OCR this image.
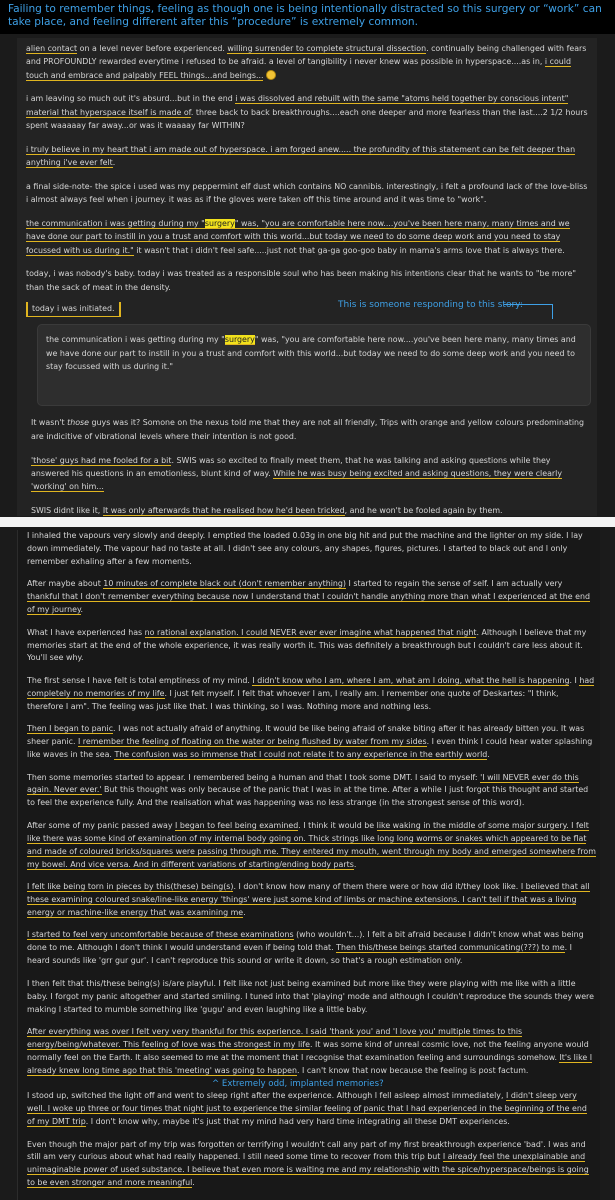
Failing to remember things, feeling as though one is being intentionally distracted so this surgery or “work” can take place, and feeling different after this “procedure” is extremely common.

alien contact on a level never before experienced. willing surrender to complete structural dissection. continually being challenged with fears and PROFOUNDLY rewarded everytime i refused to be afraid. a level of tangibility i never knew was possible in hyperspace....as in, i could touch and embrace and palpably FEEL things...and beings...

i am leaving so much out it's absurd...but in the end i was dissolved and rebuilt with the same "atoms held together by conscious intent" material that hyperspace itself is made of. three back to back breakthroughs....each one deeper and more fearless than the last....2 1/2 hours spent waaaaay far away...or was it waaaay far WITHIN?

i truly believe in my heart that i am made out of hyperspace. i am forged anew..... the profundity of this statement can be felt deeper than anything i've ever felt.

a final side-note- the spice i used was my peppermint elf dust which contains NO cannibis. interestingly, i felt a profound lack of the love-bliss i almost always feel when i journey. it was as if the gloves were taken off this time around and it was time to "work".

the communication i was getting during my "surgery" was, "you are comfortable here now....you've been here many, many times and we have done our part to instill in you a trust and comfort with this world...but today we need to do some deep work and you need to stay focussed with us during it." it wasn't that i didn't feel safe.....just not that ga-ga goo-goo baby in mama's arms love that is always there.

today, i was nobody's baby. today i was treated as a responsible soul who has been making his intentions clear that he wants to "be more" than the sack of meat in the density.

today i was initiated.	This is someone responding to this story:

the communication i was getting during my "surgery" was, "you are comfortable here now....you've been here many, many times and we have done our part to instill in you a trust and comfort with this world...but today we need to do some deep work and you need to stay focussed with us during it."

It wasn't those guys was it? Somone on the nexus told me that they are not all friendly, Trips with orange and yellow colours predominating are indicitive of vibrational levels where their intention is not good.

'those' guys had me fooled for a bit. SWIS was so excited to finally meet them, that he was talking and asking questions while they answered his questions in an emotionless, blunt kind of way. While he was busy being excited and asking questions, they were clearly 'working' on him...

SWIS didnt like it, It was only afterwards that he realised how he'd been tricked, and he won't be fooled again by them.

I inhaled the vapours very slowly and deeply. I emptied the loaded 0.03g in one big hit and put the machine and the lighter on my side. I lay down immediately. The vapour had no taste at all. I didn't see any colours, any shapes, figures, pictures. I started to black out and I only remember exhaling after a few moments.

After maybe about 10 minutes of complete black out (don't remember anything) I started to regain the sense of self. I am actually very thankful that I don't remember everything because now I understand that I couldn't handle anything more than what I experienced at the end of my journey.

What I have experienced has no rational explanation. I could NEVER ever ever imagine what happened that night. Although I believe that my memories start at the end of the whole experience, it was really worth it. This was definitely a breakthrough but I couldn't care less about it. You'll see why.

The first sense I have felt is total emptiness of my mind. I didn't know who I am, where I am, what am I doing, what the hell is happening. I had completely no memories of my life. I just felt myself. I felt that whoever I am, I really am. I remember one quote of Deskartes: "I think, therefore I am". The feeling was just like that. I was thinking, so I was. Nothing more and nothing less.

Then I began to panic. I was not actually afraid of anything. It would be like being afraid of snake biting after it has already bitten you. It was sheer panic. I remember the feeling of floating on the water or being flushed by water from my sides. I even think I could hear water splashing like waves in the sea. The confusion was so immense that I could not relate it to any experience in the earthly world.

Then some memories started to appear. I remembered being a human and that I took some DMT. I said to myself: 'I will NEVER ever do this again. Never ever.' But this thought was only because of the panic that I was in at the time. After a while I just forgot this thought and started to feel the experience fully. And the realisation what was happening was no less strange (in the strongest sense of this word).

After some of my panic passed away I began to feel being examined. I think it would be like waking in the middle of some major surgery. I felt like there was some kind of examination of my internal body going on. Thick strings like long long worms or snakes which appeared to be flat and made of coloured bricks/squares were passing through me. They entered my mouth, went through my body and emerged somewhere from my bowel. And vice versa. And in different variations of starting/ending body parts.

I felt like being torn in pieces by this(these) being(s). I don't know how many of them there were or how did it/they look like. I believed that all these examining coloured snake/line-like energy 'things' were just some kind of limbs or machine extensions. I can't tell if that was a living energy or machine-like energy that was examining me.

I started to feel very uncomfortable because of these examinations (who wouldn't...). I felt a bit afraid because I didn't know what was being done to me. Although I don't think I would understand even if being told that. Then this/these beings started communicating(???) to me. I heard sounds like 'grr gur gur'. I can't reproduce this sound or write it down, so that's a rough estimation only.

I then felt that this/these being(s) is/are playful. I felt like not just being examined but more like they were playing with me like with a little baby. I forgot my panic altogether and started smiling. I tuned into that 'playing' mode and although I couldn't reproduce the sounds they were making I started to mumble something like 'gugu' and even laughing like a little baby.

After everything was over I felt very very thankful for this experience. I said 'thank you' and 'I love you' multiple times to this energy/being/whatever. This feeling of love was the strongest in my life. It was some kind of unreal cosmic love, not the feeling anyone would normally feel on the Earth. It also seemed to me at the moment that I recognise that examination feeling and surroundings somehow. It's like I already knew long time ago that this 'meeting' was going to happen. I can't know that now because the feeling is post factum.

^ Extremely odd, implanted memories?

I stood up, switched the light off and went to sleep right after the experience. Although I fell asleep almost immediately, I didn't sleep very well. I woke up three or four times that night just to experience the similar feeling of panic that I had experienced in the beginning of the end of my DMT trip. I don't know why, maybe it's just that my mind had very hard time integrating all these DMT experiences.

Even though the major part of my trip was forgotten or terrifying I wouldn't call any part of my first breakthrough experience 'bad'. I was and still am very curious about what had really happened. I still need some time to recover from this trip but I already feel the unexplainable and unimaginable power of used substance. I believe that even more is waiting me and my relationship with the spice/hyperspace/beings is going to be even stronger and more meaningful.
